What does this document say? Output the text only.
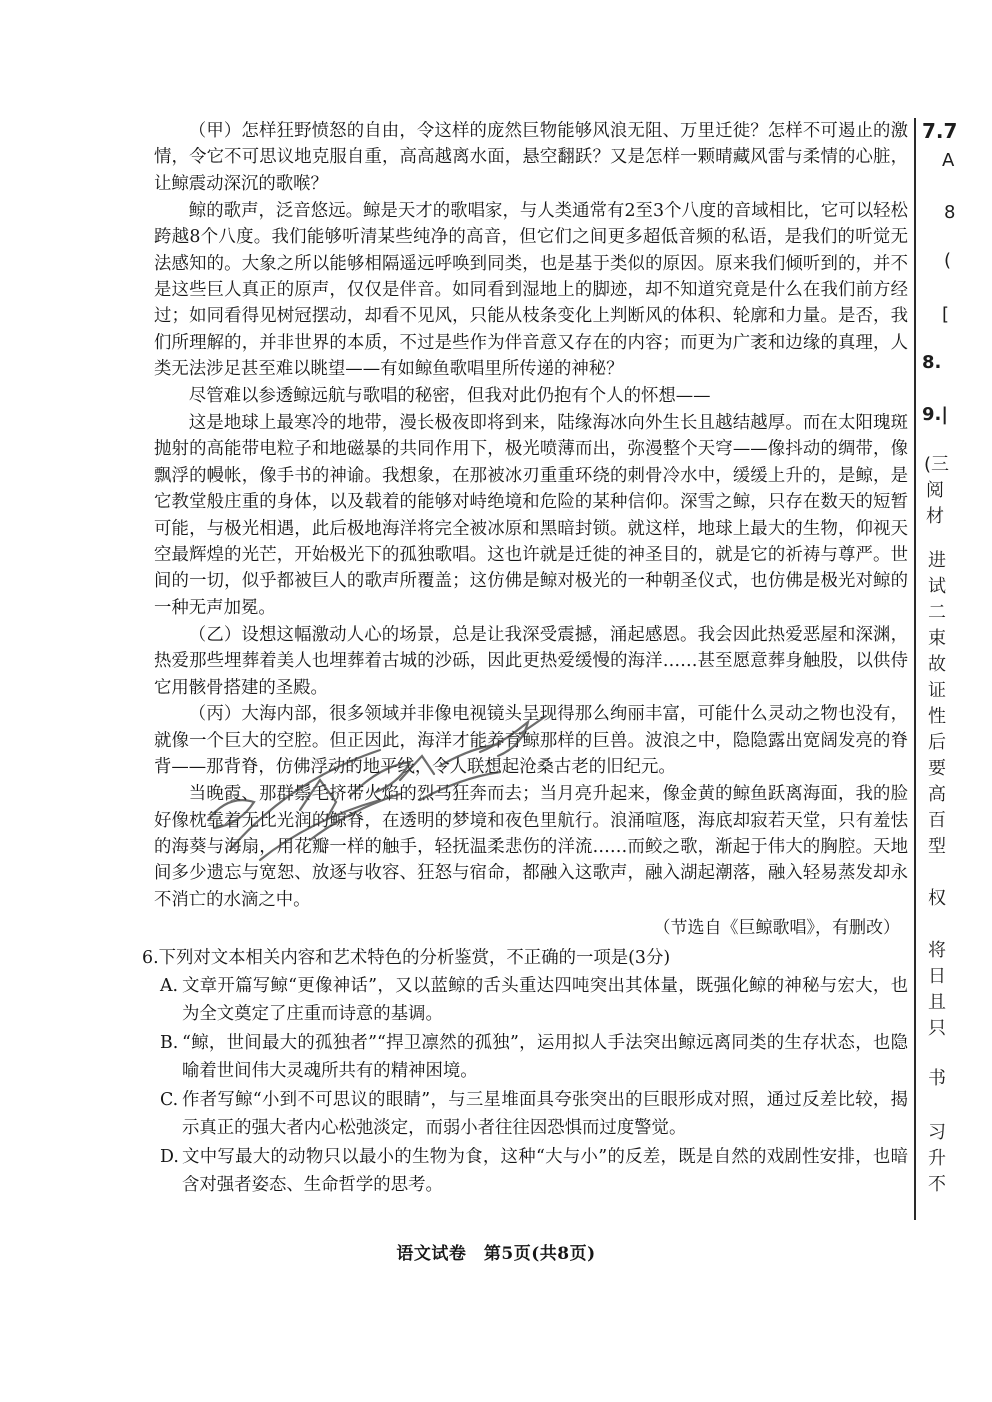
（甲）怎样狂野愤怒的自由，令这样的庞然巨物能够风浪无阻、万里迁徙？怎样不可遏止的激情，令它不可思议地克服自重，高高越离水面，悬空翻跃？又是怎样一颗晴藏风雷与柔情的心脏，让鲸震动深沉的歌喉？

鲸的歌声，泛音悠远。鲸是天才的歌唱家，与人类通常有2至3个八度的音域相比，它可以轻松跨越8个八度。我们能够听清某些纯净的高音，但它们之间更多超低音频的私语，是我们的听觉无法感知的。大象之所以能够相隔遥远呼唤到同类，也是基于类似的原因。原来我们倾听到的，并不是这些巨人真正的原声，仅仅是伴音。如同看到湿地上的脚迹，却不知道究竟是什么在我们前方经过；如同看得见树冠摆动，却看不见风，只能从枝条变化上判断风的体积、轮廓和力量。是否，我们所理解的，并非世界的本质，不过是些作为伴音意又存在的内容；而更为广袤和边缘的真理，人类无法涉足甚至难以眺望——有如鲸鱼歌唱里所传递的神秘？

尽管难以参透鲸远航与歌唱的秘密，但我对此仍抱有个人的怀想——

这是地球上最寒冷的地带，漫长极夜即将到来，陆缘海冰向外生长且越结越厚。而在太阳瑰斑抛射的高能带电粒子和地磁暴的共同作用下，极光喷薄而出，弥漫整个天穹——像抖动的绸带，像飘浮的幔帐，像手书的神谕。我想象，在那被冰刃重重环绕的刺骨冷水中，缓缓上升的，是鲸，是它教堂般庄重的身体，以及载着的能够对峙绝境和危险的某种信仰。深雪之鲸，只存在数天的短暂可能，与极光相遇，此后极地海洋将完全被冰原和黑暗封锁。就这样，地球上最大的生物，仰视天空最辉煌的光芒，开始极光下的孤独歌唱。这也许就是迁徙的神圣目的，就是它的祈祷与尊严。世间的一切，似乎都被巨人的歌声所覆盖；这仿佛是鲸对极光的一种朝圣仪式，也仿佛是极光对鲸的一种无声加冕。

（乙）设想这幅激动人心的场景，总是让我深受震撼，涌起感恩。我会因此热爱恶屋和深渊，热爱那些埋葬着美人也埋葬着古城的沙砾，因此更热爱缓慢的海洋……甚至愿意葬身触股，以供侍它用骸骨搭建的圣殿。

（丙）大海内部，很多领域并非像电视镜头呈现得那么绚丽丰富，可能什么灵动之物也没有，就像一个巨大的空腔。但正因此，海洋才能养育鲸那样的巨兽。波浪之中，隐隐露出宽阔发亮的脊背——那背脊，仿佛浮动的地平线，令人联想起沧桑古老的旧纪元。

当晚霞、那群鬃毛挤带火焰的烈马狂奔而去；当月亮升起来，像金黄的鲸鱼跃离海面，我的脸好像枕靠着无比光润的鲸脊，在透明的梦境和夜色里航行。浪涌喧豗，海底却寂若天堂，只有羞怯的海葵与海扇，用花瓣一样的触手，轻抚温柔悲伤的洋流……而鲛之歌，渐起于伟大的胸腔。天地间多少遗忘与宽恕、放逐与收容、狂怒与宿命，都融入这歌声，融入湖起潮落，融入轻易蒸发却永不消亡的水滴之中。

（节选自《巨鲸歌唱》，有删改）

6.下列对文本相关内容和艺术特色的分析鉴赏，不正确的一项是(3分)

A. 文章开篇写鲸“更像神话”，又以蓝鲸的舌头重达四吨突出其体量，既强化鲸的神秘与宏大，也为全文奠定了庄重而诗意的基调。

B. “鲸，世间最大的孤独者”“捍卫凛然的孤独”，运用拟人手法突出鲸远离同类的生存状态，也隐喻着世间伟大灵魂所共有的精神困境。

C. 作者写鲸“小到不可思议的眼睛”，与三星堆面具夸张突出的巨眼形成对照，通过反差比较，揭示真正的强大者内心松弛淡定，而弱小者往往因恐惧而过度警觉。

D. 文中写最大的动物只以最小的生物为食，这种“大与小”的反差，既是自然的戏剧性安排，也暗含对强者姿态、生命哲学的思考。

语文试卷　第5页(共8页)
7.7
A
8
(
[
8.
9.|
(三
阅
材
进
试
二
束
故
证
性
后
要
高
百
型
权
将
日
且
只
书
习
升
不
